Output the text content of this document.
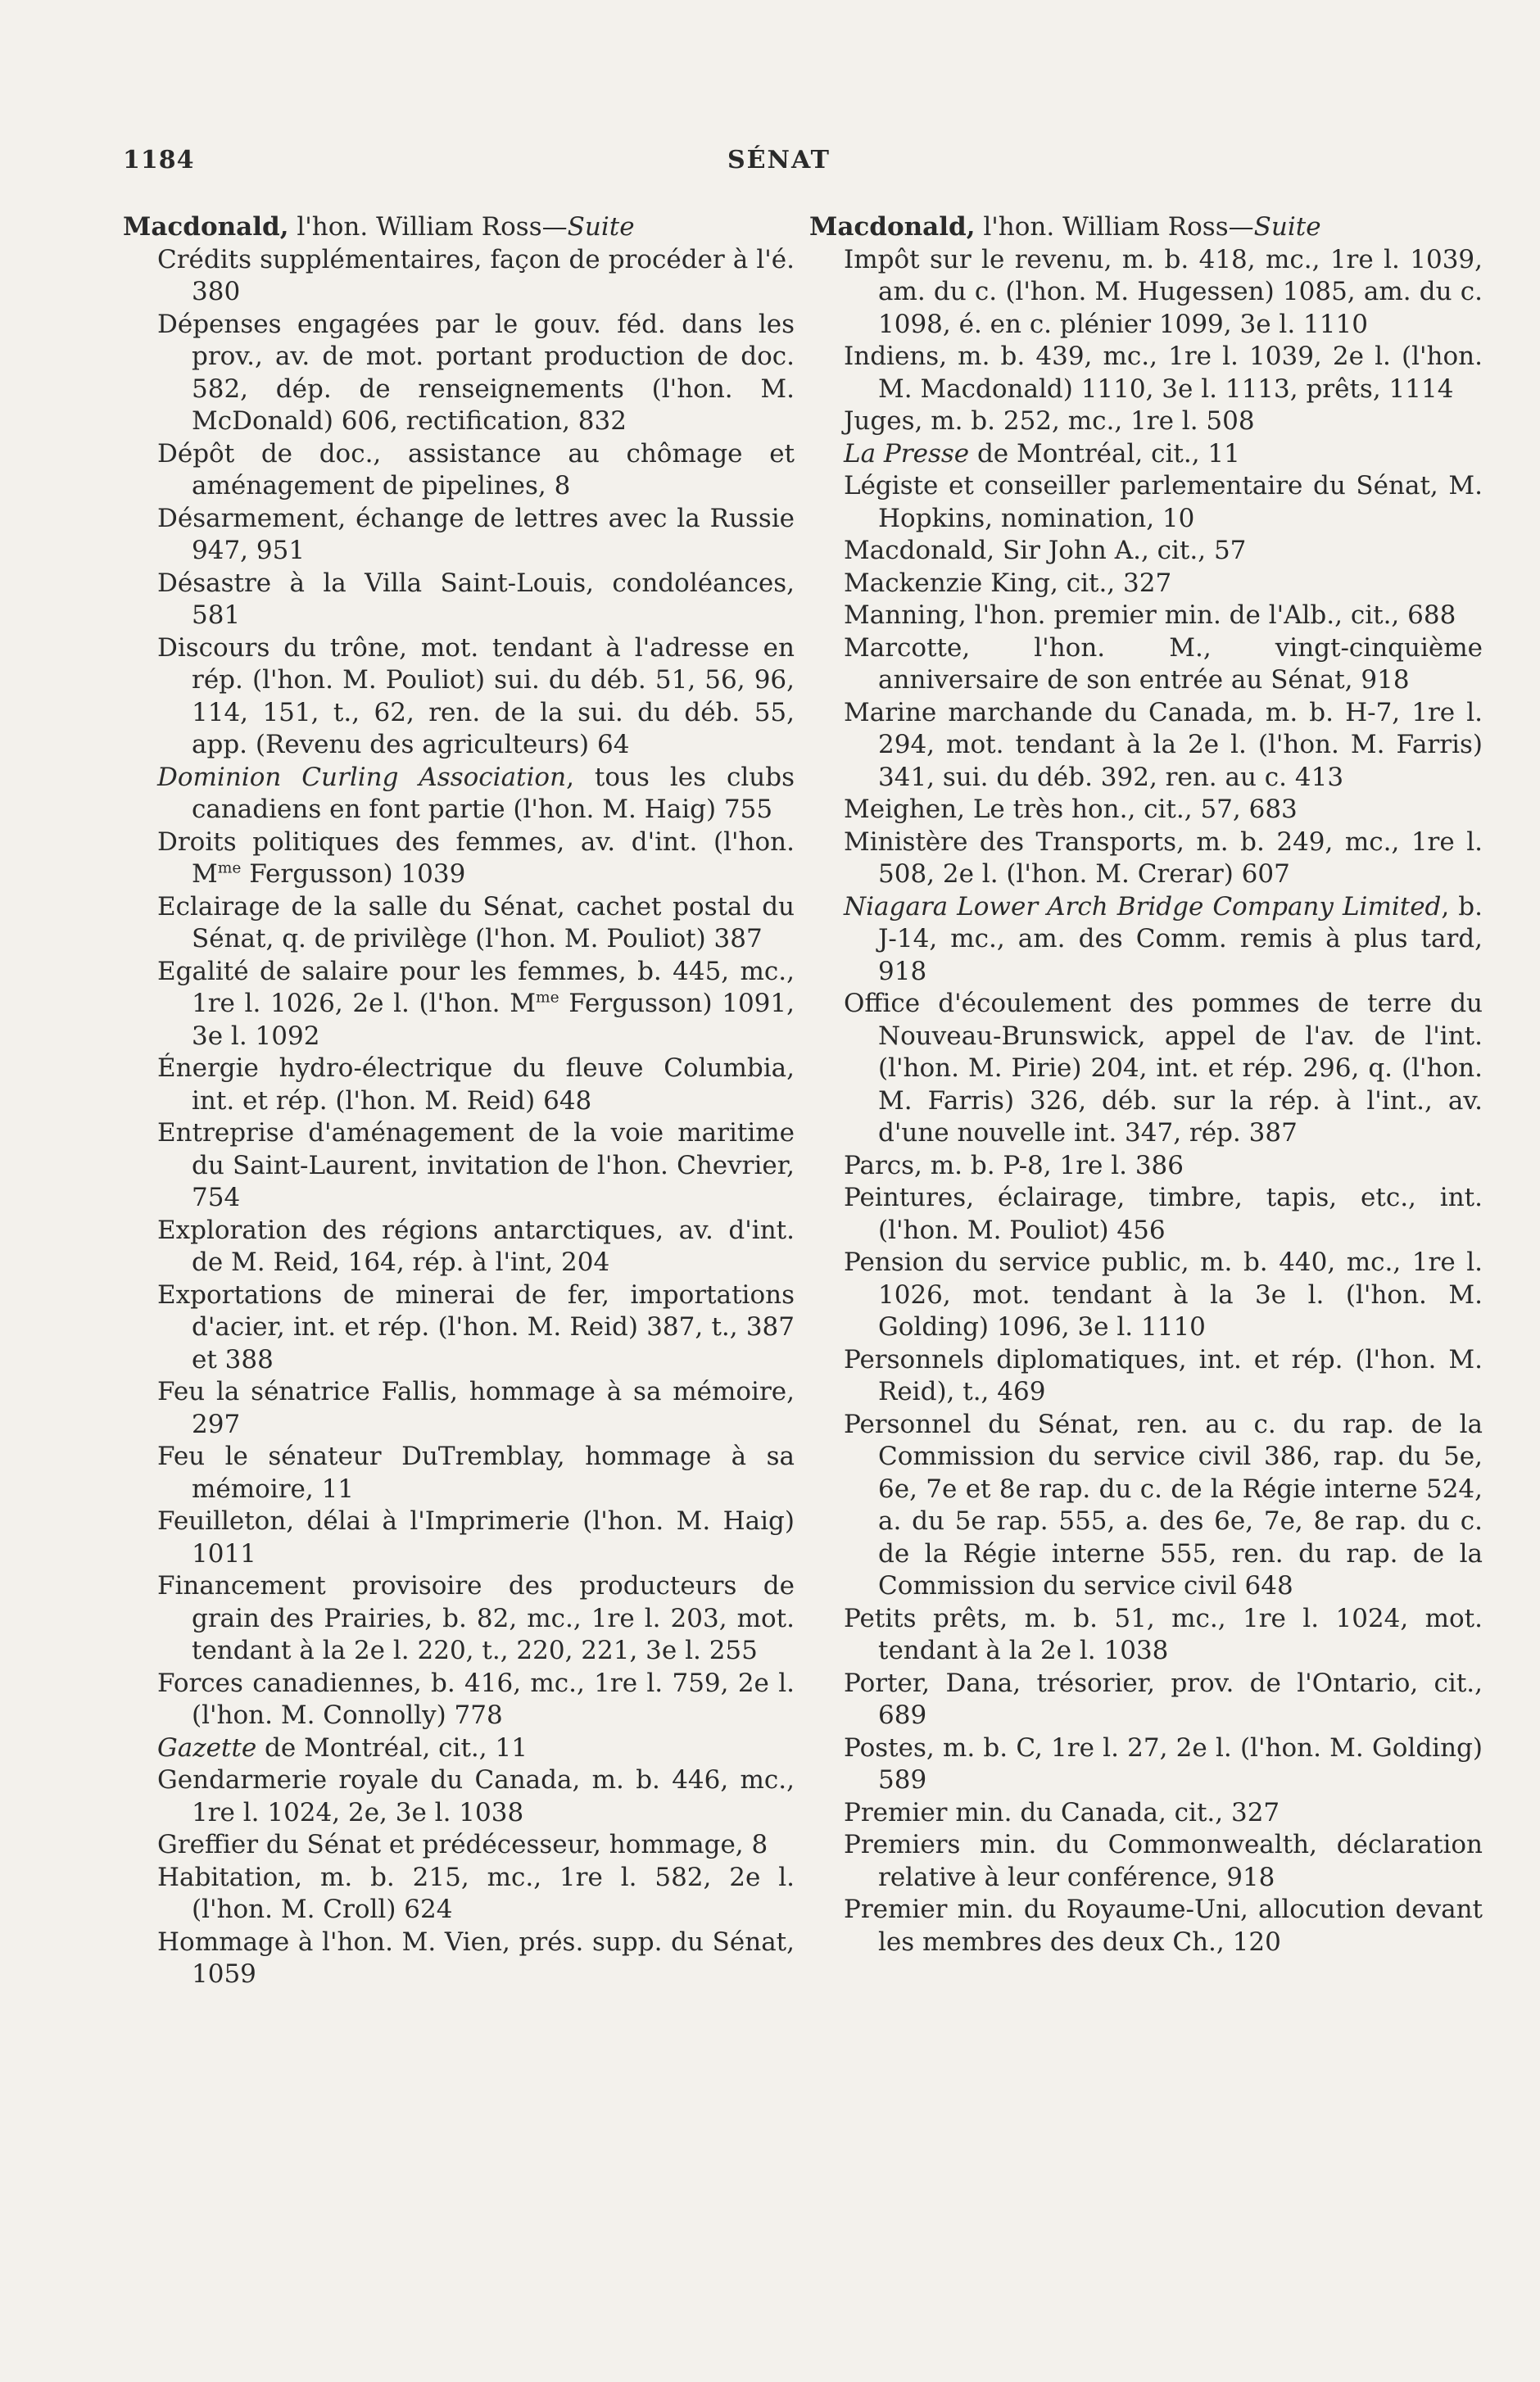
1184	SÉNAT
Macdonald, l'hon. William Ross—Suite
Crédits supplémentaires, façon de procéder à l'é. 380
Dépenses engagées par le gouv. féd. dans les prov., av. de mot. portant production de doc. 582, dép. de renseignements (l'hon. M. McDonald) 606, rectification, 832
Dépôt de doc., assistance au chômage et aménagement de pipelines, 8
Désarmement, échange de lettres avec la Russie 947, 951
Désastre à la Villa Saint-Louis, condoléances, 581
Discours du trône, mot. tendant à l'adresse en rép. (l'hon. M. Pouliot) sui. du déb. 51, 56, 96, 114, 151, t., 62, ren. de la sui. du déb. 55, app. (Revenu des agriculteurs) 64
Dominion Curling Association, tous les clubs canadiens en font partie (l'hon. M. Haig) 755
Droits politiques des femmes, av. d'int. (l'hon. $M^{me}$ Fergusson) 1039
Eclairage de la salle du Sénat, cachet postal du Sénat, q. de privilège (l'hon. M. Pouliot) 387
Egalité de salaire pour les femmes, b. 445, mc., 1re l. 1026, 2e l. (l'hon. $M^{me}$ Fergusson) 1091, 3e l. 1092
Énergie hydro-électrique du fleuve Columbia, int. et rép. (l'hon. M. Reid) 648
Entreprise d'aménagement de la voie maritime du Saint-Laurent, invitation de l'hon. Chevrier, 754
Exploration des régions antarctiques, av. d'int. de M. Reid, 164, rép. à l'int, 204
Exportations de minerai de fer, importations d'acier, int. et rép. (l'hon. M. Reid) 387, t., 387 et 388
Feu la sénatrice Fallis, hommage à sa mémoire, 297
Feu le sénateur DuTremblay, hommage à sa mémoire, 11
Feuilleton, délai à l'Imprimerie (l'hon. M. Haig) 1011
Financement provisoire des producteurs de grain des Prairies, b. 82, mc., 1re l. 203, mot. tendant à la 2e l. 220, t., 220, 221, 3e l. 255
Forces canadiennes, b. 416, mc., 1re l. 759, 2e l. (l'hon. M. Connolly) 778
Gazette de Montréal, cit., 11
Gendarmerie royale du Canada, m. b. 446, mc., 1re l. 1024, 2e, 3e l. 1038
Greffier du Sénat et prédécesseur, hommage, 8
Habitation, m. b. 215, mc., 1re l. 582, 2e l. (l'hon. M. Croll) 624
Hommage à l'hon. M. Vien, prés. supp. du Sénat, 1059
Macdonald, l'hon. William Ross—Suite
Impôt sur le revenu, m. b. 418, mc., 1re l. 1039, am. du c. (l'hon. M. Hugessen) 1085, am. du c. 1098, é. en c. plénier 1099, 3e l. 1110
Indiens, m. b. 439, mc., 1re l. 1039, 2e l. (l'hon. M. Macdonald) 1110, 3e l. 1113, prêts, 1114
Juges, m. b. 252, mc., 1re l. 508
La Presse de Montréal, cit., 11
Légiste et conseiller parlementaire du Sénat, M. Hopkins, nomination, 10
Macdonald, Sir John A., cit., 57
Mackenzie King, cit., 327
Manning, l'hon. premier min. de l'Alb., cit., 688
Marcotte, l'hon. M., vingt-cinquième anniversaire de son entrée au Sénat, 918
Marine marchande du Canada, m. b. H-7, 1re l. 294, mot. tendant à la 2e l. (l'hon. M. Farris) 341, sui. du déb. 392, ren. au c. 413
Meighen, Le très hon., cit., 57, 683
Ministère des Transports, m. b. 249, mc., 1re l. 508, 2e l. (l'hon. M. Crerar) 607
Niagara Lower Arch Bridge Company Limited, b. J-14, mc., am. des Comm. remis à plus tard, 918
Office d'écoulement des pommes de terre du Nouveau-Brunswick, appel de l'av. de l'int. (l'hon. M. Pirie) 204, int. et rép. 296, q. (l'hon. M. Farris) 326, déb. sur la rép. à l'int., av. d'une nouvelle int. 347, rép. 387
Parcs, m. b. P-8, 1re l. 386
Peintures, éclairage, timbre, tapis, etc., int. (l'hon. M. Pouliot) 456
Pension du service public, m. b. 440, mc., 1re l. 1026, mot. tendant à la 3e l. (l'hon. M. Golding) 1096, 3e l. 1110
Personnels diplomatiques, int. et rép. (l'hon. M. Reid), t., 469
Personnel du Sénat, ren. au c. du rap. de la Commission du service civil 386, rap. du 5e, 6e, 7e et 8e rap. du c. de la Régie interne 524, a. du 5e rap. 555, a. des 6e, 7e, 8e rap. du c. de la Régie interne 555, ren. du rap. de la Commission du service civil 648
Petits prêts, m. b. 51, mc., 1re l. 1024, mot. tendant à la 2e l. 1038
Porter, Dana, trésorier, prov. de l'Ontario, cit., 689
Postes, m. b. C, 1re l. 27, 2e l. (l'hon. M. Golding) 589
Premier min. du Canada, cit., 327
Premiers min. du Commonwealth, déclaration relative à leur conférence, 918
Premier min. du Royaume-Uni, allocution devant les membres des deux Ch., 120
